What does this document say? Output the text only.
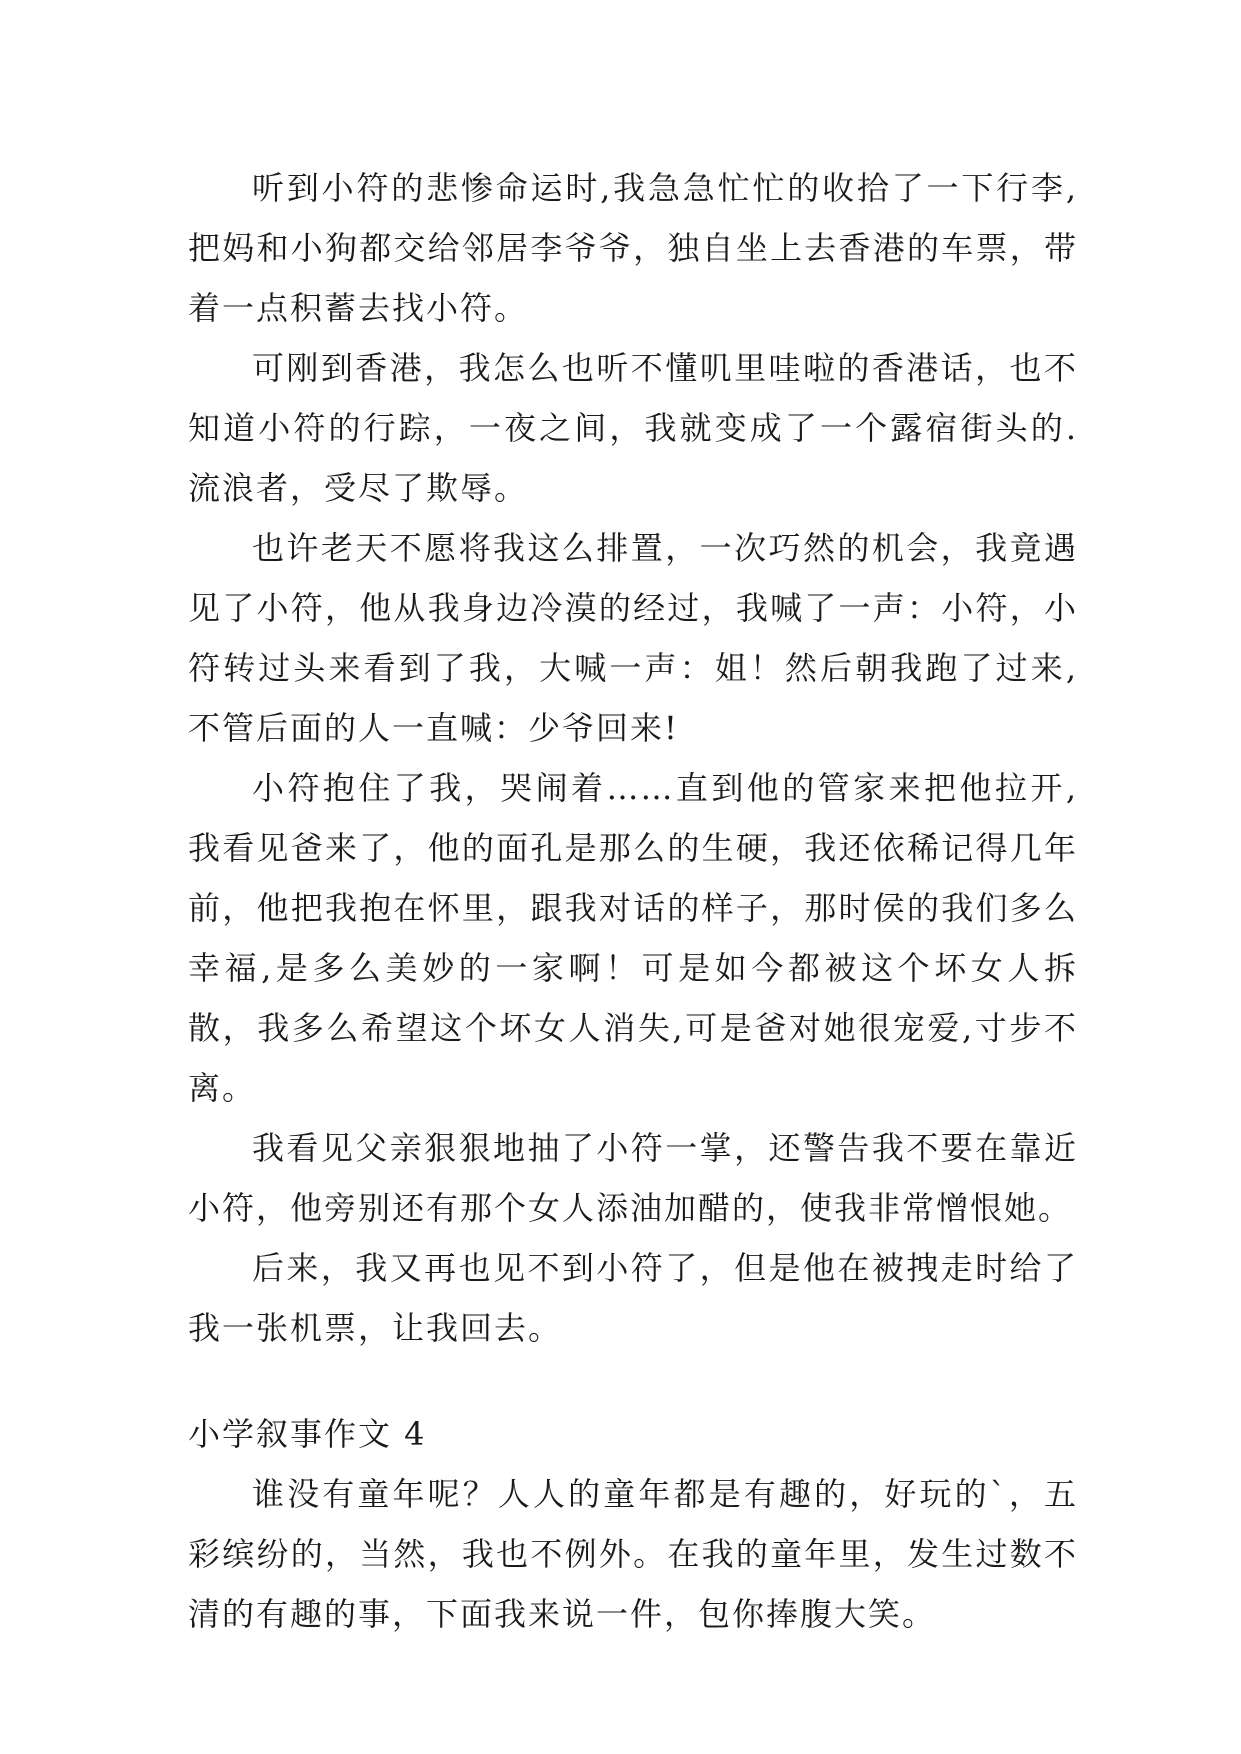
听到小符的悲惨命运时,我急急忙忙的收拾了一下行李,把妈和小狗都交给邻居李爷爷，独自坐上去香港的车票，带着一点积蓄去找小符。

可刚到香港，我怎么也听不懂叽里哇啦的香港话，也不知道小符的行踪，一夜之间，我就变成了一个露宿街头的.流浪者，受尽了欺辱。

也许老天不愿将我这么排置，一次巧然的机会，我竟遇见了小符，他从我身边冷漠的经过，我喊了一声：小符，小符转过头来看到了我，大喊一声：姐！然后朝我跑了过来,不管后面的人一直喊：少爷回来!

小符抱住了我，哭闹着……直到他的管家来把他拉开,我看见爸来了，他的面孔是那么的生硬，我还依稀记得几年前，他把我抱在怀里，跟我对话的样子，那时侯的我们多么幸福,是多么美妙的一家啊！可是如今都被这个坏女人拆散，我多么希望这个坏女人消失,可是爸对她很宠爱,寸步不离。

我看见父亲狠狠地抽了小符一掌，还警告我不要在靠近小符，他旁别还有那个女人添油加醋的，使我非常憎恨她。

后来，我又再也见不到小符了，但是他在被拽走时给了我一张机票，让我回去。

小学叙事作文 4

谁没有童年呢？人人的童年都是有趣的，好玩的`，五彩缤纷的，当然，我也不例外。在我的童年里，发生过数不清的有趣的事，下面我来说一件，包你捧腹大笑。
